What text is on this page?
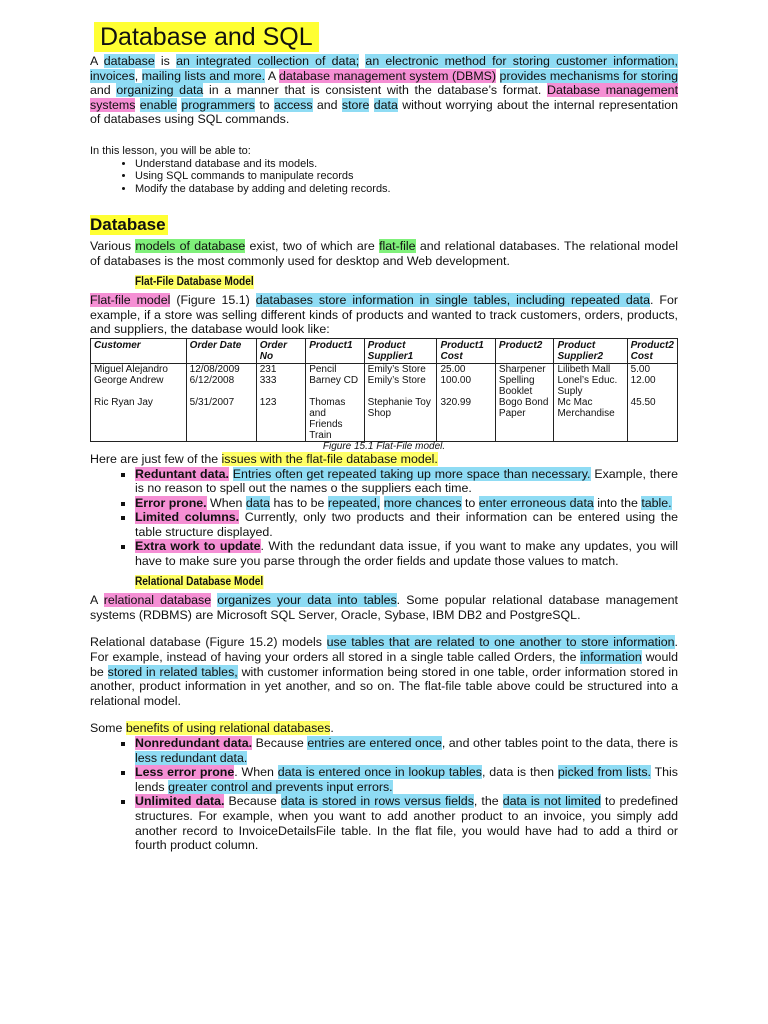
Database and SQL

A database is an integrated collection of data; an electronic method for storing customer information, invoices, mailing lists and more. A database management system (DBMS) provides mechanisms for storing and organizing data in a manner that is consistent with the database’s format. Database management systems enable programmers to access and store data without worrying about the internal representation of databases using SQL commands.

In this lesson, you will be able to:
• Understand database and its models.
• Using SQL commands to manipulate records
• Modify the database by adding and deleting records.
Database

Various models of database exist, two of which are flat-file and relational databases. The relational model of databases is the most commonly used for desktop and Web development.

Flat-File Database Model

Flat-file model (Figure 15.1) databases store information in single tables, including repeated data. For example, if a store was selling different kinds of products and wanted to track customers, orders, products, and suppliers, the database would look like:

Customer	Order Date	Order No	Product1	Product Supplier1	Product1 Cost	Product2	Product Supplier2	Product2 Cost
Miguel Alejandro	12/08/2009	231	Pencil	Emily’s Store	25.00	Sharpener	Lilibeth Mall	5.00
George Andrew	6/12/2008	333	Barney CD	Emily’s Store	100.00	Spelling Booklet	Lonel’s Educ. Suply	12.00
Ric Ryan Jay	5/31/2007	123	Thomas and Friends Train	Stephanie Toy Shop	320.99	Bogo Bond Paper	Mc Mac Merchandise	45.50
Figure 15.1 Flat-File model.

Here are just few of the issues with the flat-file database model.

▪ Reduntant data. Entries often get repeated taking up more space than necessary. Example, there is no reason to spell out the names o the suppliers each time.
▪ Error prone. When data has to be repeated, more chances to enter erroneous data into the table.
▪ Limited columns. Currently, only two products and their information can be entered using the table structure displayed.
▪ Extra work to update. With the redundant data issue, if you want to make any updates, you will have to make sure you parse through the order fields and update those values to match.
Relational Database Model

A relational database organizes your data into tables. Some popular relational database management systems (RDBMS) are Microsoft SQL Server, Oracle, Sybase, IBM DB2 and PostgreSQL.

Relational database (Figure 15.2) models use tables that are related to one another to store information. For example, instead of having your orders all stored in a single table called Orders, the information would be stored in related tables, with customer information being stored in one table, order information stored in another, product information in yet another, and so on. The flat-file table above could be structured into a relational model.

Some benefits of using relational databases.

▪ Nonredundant data. Because entries are entered once, and other tables point to the data, there is less redundant data.
▪ Less error prone. When data is entered once in lookup tables, data is then picked from lists. This lends greater control and prevents input errors.
▪ Unlimited data. Because data is stored in rows versus fields, the data is not limited to predefined structures. For example, when you want to add another product to an invoice, you simply add another record to InvoiceDetailsFile table. In the flat file, you would have had to add a third or fourth product column.
